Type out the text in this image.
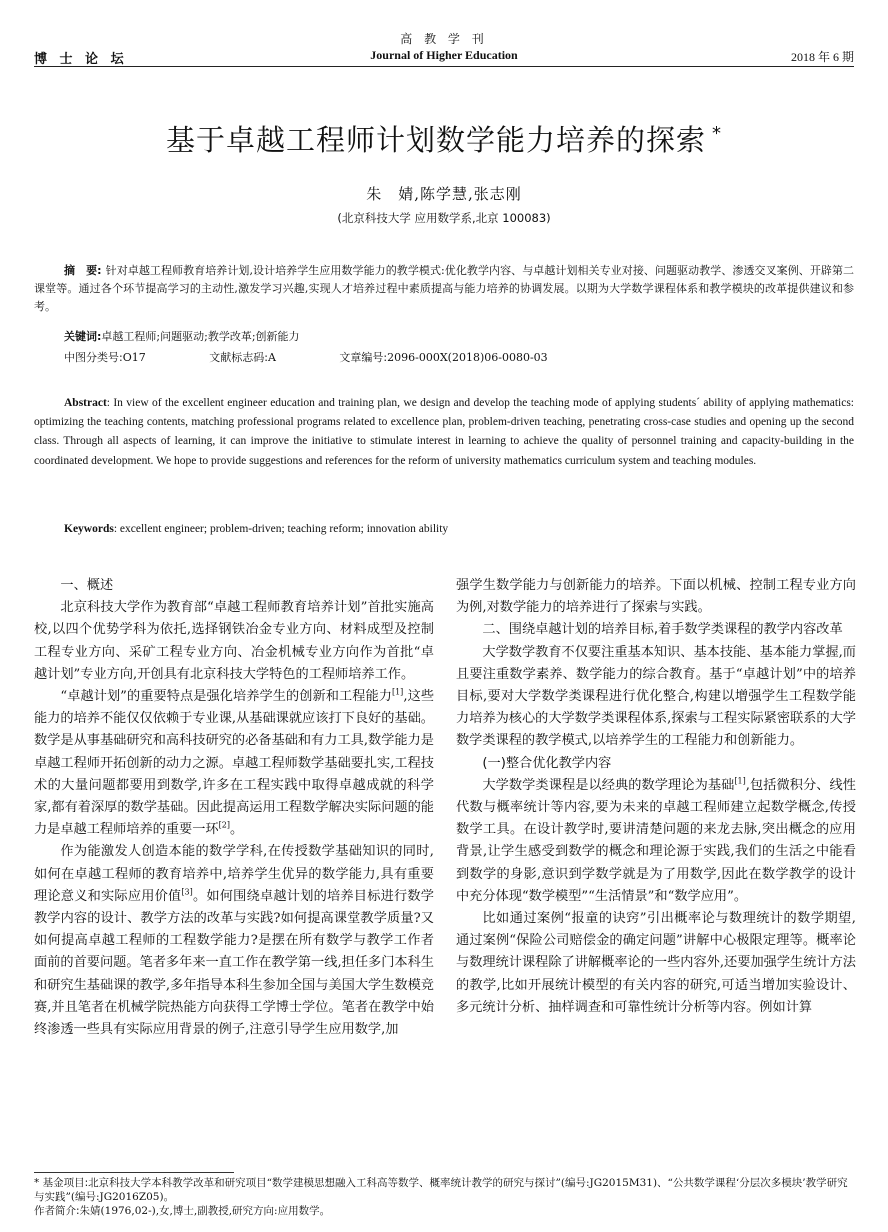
高 教 学 刊
博 士 论 坛	Journal of Higher Education	2018 年 6 期
基于卓越工程师计划数学能力培养的探索 *
朱　婧,陈学慧,张志刚
(北京科技大学 应用数学系,北京 100083)
摘　要: 针对卓越工程师教育培养计划,设计培养学生应用数学能力的教学模式:优化教学内容、与卓越计划相关专业对接、问题驱动教学、渗透交叉案例、开辟第二课堂等。通过各个环节提高学习的主动性,激发学习兴趣,实现人才培养过程中素质提高与能力培养的协调发展。以期为大学数学课程体系和教学模块的改革提供建议和参考。
关键词:卓越工程师;问题驱动;教学改革;创新能力
中图分类号:O17	文献标志码:A	文章编号:2096-000X(2018)06-0080-03
Abstract: In view of the excellent engineer education and training plan, we design and develop the teaching mode of applying students´ ability of applying mathematics: optimizing the teaching contents, matching professional programs related to excellence plan, problem-driven teaching, penetrating cross-case studies and opening up the second class. Through all aspects of learning, it can improve the initiative to stimulate interest in learning to achieve the quality of personnel training and capacity-building in the coordinated development. We hope to provide suggestions and references for the reform of university mathematics curriculum system and teaching modules.
Keywords: excellent engineer; problem-driven; teaching reform; innovation ability
一、概述

北京科技大学作为教育部“卓越工程师教育培养计划”首批实施高校,以四个优势学科为依托,选择钢铁冶金专业方向、材料成型及控制工程专业方向、采矿工程专业方向、冶金机械专业方向作为首批“卓越计划”专业方向,开创具有北京科技大学特色的工程师培养工作。

“卓越计划”的重要特点是强化培养学生的创新和工程能力[1],这些能力的培养不能仅仅依赖于专业课,从基础课就应该打下良好的基础。数学是从事基础研究和高科技研究的必备基础和有力工具,数学能力是卓越工程师开拓创新的动力之源。卓越工程师数学基础要扎实,工程技术的大量问题都要用到数学,许多在工程实践中取得卓越成就的科学家,都有着深厚的数学基础。因此提高运用工程数学解决实际问题的能力是卓越工程师培养的重要一环[2]。

作为能激发人创造本能的数学学科,在传授数学基础知识的同时,如何在卓越工程师的教育培养中,培养学生优异的数学能力,具有重要理论意义和实际应用价值[3]。如何围绕卓越计划的培养目标进行数学教学内容的设计、教学方法的改革与实践?如何提高课堂教学质量?又如何提高卓越工程师的工程数学能力?是摆在所有数学与教学工作者面前的首要问题。笔者多年来一直工作在教学第一线,担任多门本科生和研究生基础课的教学,多年指导本科生参加全国与美国大学生数模竞赛,并且笔者在机械学院热能方向获得工学博士学位。笔者在教学中始终渗透一些具有实际应用背景的例子,注意引导学生应用数学,加

强学生数学能力与创新能力的培养。下面以机械、控制工程专业方向为例,对数学能力的培养进行了探索与实践。

二、围绕卓越计划的培养目标,着手数学类课程的教学内容改革

大学数学教育不仅要注重基本知识、基本技能、基本能力掌握,而且要注重数学素养、数学能力的综合教育。基于“卓越计划”中的培养目标,要对大学数学类课程进行优化整合,构建以增强学生工程数学能力培养为核心的大学数学类课程体系,探索与工程实际紧密联系的大学数学类课程的教学模式,以培养学生的工程能力和创新能力。

(一)整合优化教学内容

大学数学类课程是以经典的数学理论为基础[1],包括微积分、线性代数与概率统计等内容,要为未来的卓越工程师建立起数学概念,传授数学工具。在设计教学时,要讲清楚问题的来龙去脉,突出概念的应用背景,让学生感受到数学的概念和理论源于实践,我们的生活之中能看到数学的身影,意识到学数学就是为了用数学,因此在数学教学的设计中充分体现“数学模型”“生活情景”和“数学应用”。

比如通过案例“报童的诀窍”引出概率论与数理统计的数学期望,通过案例“保险公司赔偿金的确定问题”讲解中心极限定理等。概率论与数理统计课程除了讲解概率论的一些内容外,还要加强学生统计方法的教学,比如开展统计模型的有关内容的研究,可适当增加实验设计、多元统计分析、抽样调查和可靠性统计分析等内容。例如计算

* 基金项目:北京科技大学本科教学改革和研究项目“数学建模思想融入工科高等数学、概率统计教学的研究与探讨”(编号:JG2015M31)、“公共数学课程‘分层次多模块’教学研究与实践”(编号:JG2016Z05)。
作者简介:朱婧(1976,02-),女,博士,副教授,研究方向:应用数学。
